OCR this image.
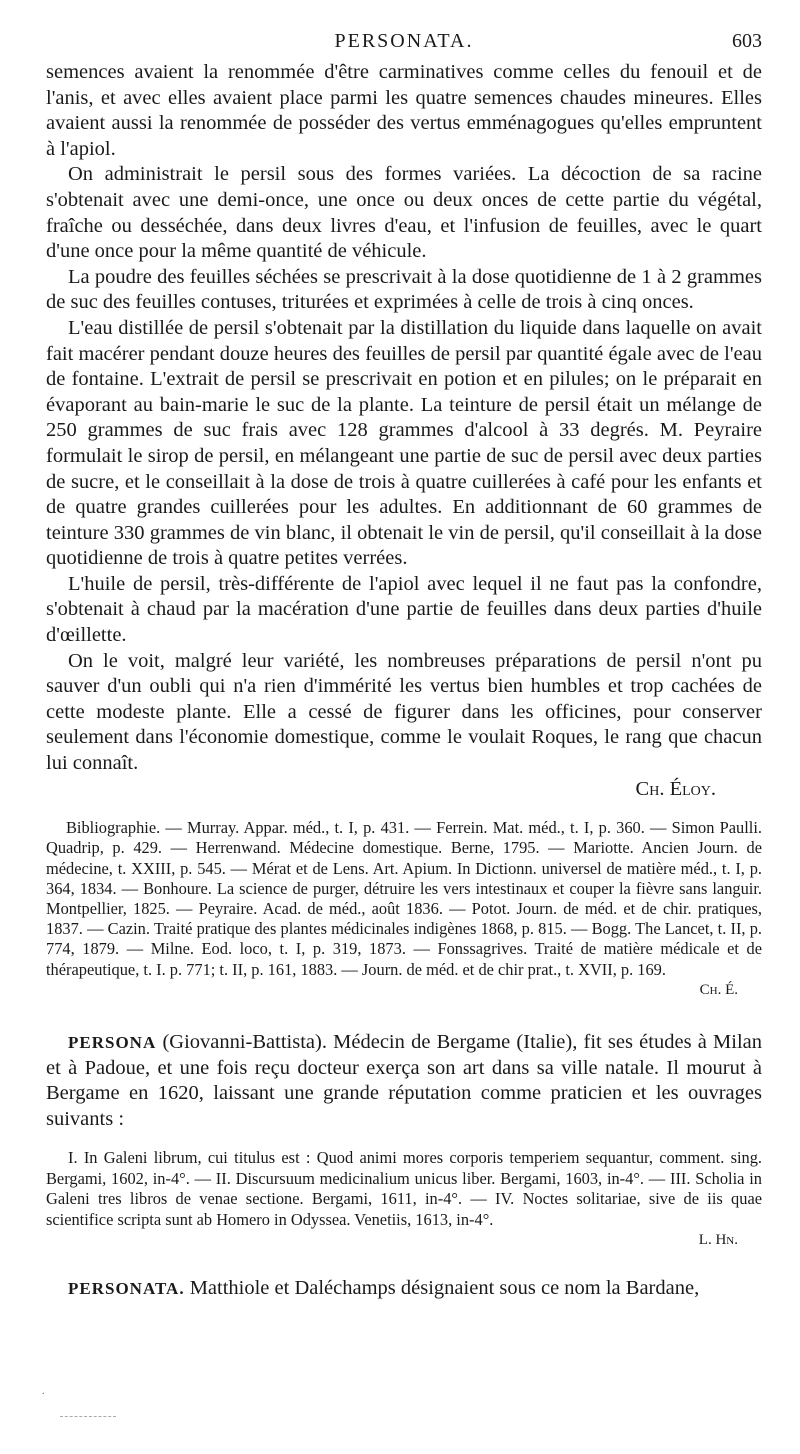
PERSONATA.	603

semences avaient la renommée d'être carminatives comme celles du fenouil et de l'anis, et avec elles avaient place parmi les quatre semences chaudes mineures. Elles avaient aussi la renommée de posséder des vertus emménagogues qu'elles empruntent à l'apiol.

On administrait le persil sous des formes variées. La décoction de sa racine s'obtenait avec une demi-once, une once ou deux onces de cette partie du végétal, fraîche ou desséchée, dans deux livres d'eau, et l'infusion de feuilles, avec le quart d'une once pour la même quantité de véhicule.

La poudre des feuilles séchées se prescrivait à la dose quotidienne de 1 à 2 grammes de suc des feuilles contuses, triturées et exprimées à celle de trois à cinq onces.

L'eau distillée de persil s'obtenait par la distillation du liquide dans laquelle on avait fait macérer pendant douze heures des feuilles de persil par quantité égale avec de l'eau de fontaine. L'extrait de persil se prescrivait en potion et en pilules; on le préparait en évaporant au bain-marie le suc de la plante. La teinture de persil était un mélange de 250 grammes de suc frais avec 128 grammes d'alcool à 33 degrés. M. Peyraire formulait le sirop de persil, en mélangeant une partie de suc de persil avec deux parties de sucre, et le conseillait à la dose de trois à quatre cuillerées à café pour les enfants et de quatre grandes cuillerées pour les adultes. En additionnant de 60 grammes de teinture 330 grammes de vin blanc, il obtenait le vin de persil, qu'il conseillait à la dose quotidienne de trois à quatre petites verrées.

L'huile de persil, très-différente de l'apiol avec lequel il ne faut pas la confondre, s'obtenait à chaud par la macération d'une partie de feuilles dans deux parties d'huile d'œillette.

On le voit, malgré leur variété, les nombreuses préparations de persil n'ont pu sauver d'un oubli qui n'a rien d'immérité les vertus bien humbles et trop cachées de cette modeste plante. Elle a cessé de figurer dans les officines, pour conserver seulement dans l'économie domestique, comme le voulait Roques, le rang que chacun lui connaît.

Ch. Éloy.
Bibliographie. — Murray. Appar. méd., t. I, p. 431. — Ferrein. Mat. méd., t. I, p. 360. — Simon Paulli. Quadrip, p. 429. — Herrenwand. Médecine domestique. Berne, 1795. — Mariotte. Ancien Journ. de médecine, t. XXIII, p. 545. — Mérat et de Lens. Art. Apium. In Dictionn. universel de matière méd., t. I, p. 364, 1834. — Bonhoure. La science de purger, détruire les vers intestinaux et couper la fièvre sans languir. Montpellier, 1825. — Peyraire. Acad. de méd., août 1836. — Potot. Journ. de méd. et de chir. pratiques, 1837. — Cazin. Traité pratique des plantes médicinales indigènes 1868, p. 815. — Bogg. The Lancet, t. II, p. 774, 1879. — Milne. Eod. loco, t. I, p. 319, 1873. — Fonssagrives. Traité de matière médicale et de thérapeutique, t. I. p. 771; t. II, p. 161, 1883. — Journ. de méd. et de chir prat., t. XVII, p. 169.
Ch. É.
PERSONA (Giovanni-Battista). Médecin de Bergame (Italie), fit ses études à Milan et à Padoue, et une fois reçu docteur exerça son art dans sa ville natale. Il mourut à Bergame en 1620, laissant une grande réputation comme praticien et les ouvrages suivants :
I. In Galeni librum, cui titulus est : Quod animi mores corporis temperiem sequantur, comment. sing. Bergami, 1602, in-4°. — II. Discursuum medicinalium unicus liber. Bergami, 1603, in-4°. — III. Scholia in Galeni tres libros de venae sectione. Bergami, 1611, in-4°. — IV. Noctes solitariae, sive de iis quae scientifice scripta sunt ab Homero in Odyssea. Venetiis, 1613, in-4°.
L. Hn.
PERSONATA. Matthiole et Daléchamps désignaient sous ce nom la Bardane,
.
